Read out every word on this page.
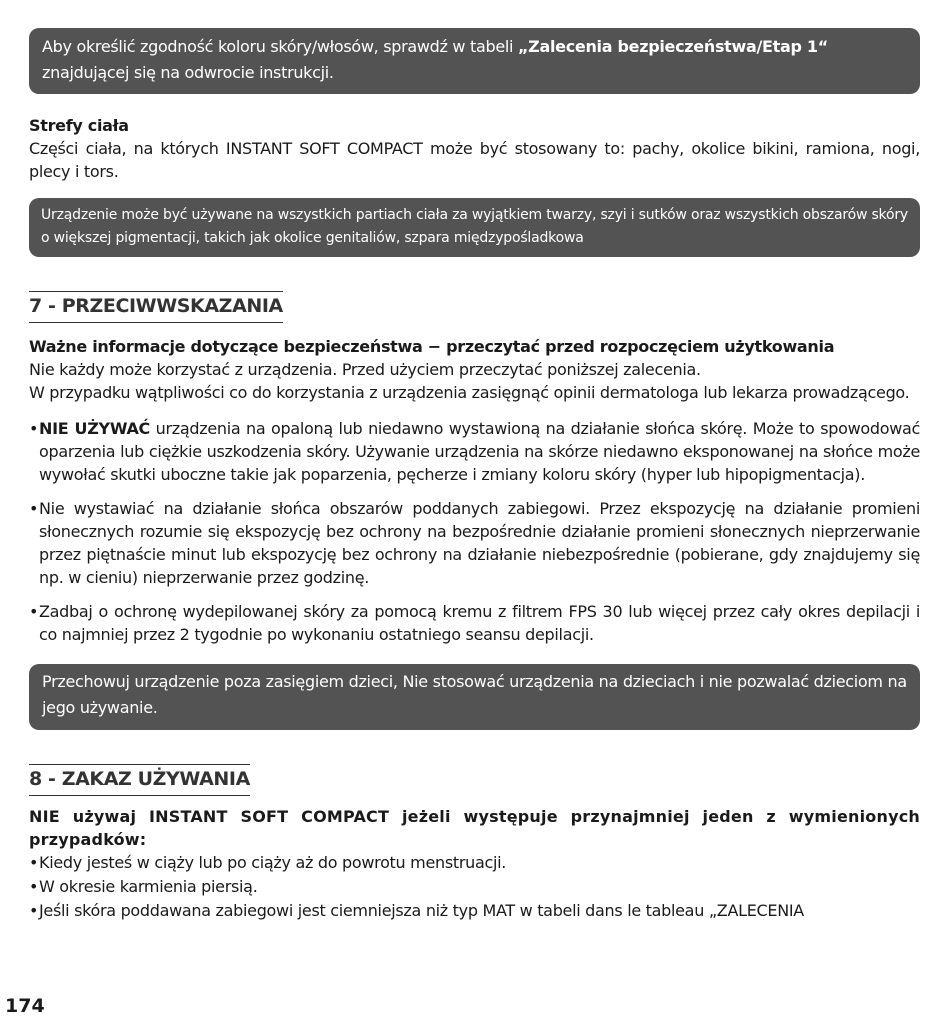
Aby określić zgodność koloru skóry/włosów, sprawdź w tabeli „Zalecenia bezpieczeństwa/Etap 1“ znajdującej się na odwrocie instrukcji.
Strefy ciała

Części ciała, na których INSTANT SOFT COMPACT może być stosowany to: pachy, okolice bikini, ramiona, nogi, plecy i tors.

Urządzenie może być używane na wszystkich partiach ciała za wyjątkiem twarzy, szyi i sutków oraz wszystkich obszarów skóry o większej pigmentacji, takich jak okolice genitaliów, szpara międzypośladkowa
7 - PRZECIWWSKAZANIA

Ważne informacje dotyczące bezpieczeństwa − przeczytać przed rozpoczęciem użytkowania

Nie każdy może korzystać z urządzenia. Przed użyciem przeczytać poniższej zalecenia.

W przypadku wątpliwości co do korzystania z urządzenia zasięgnąć opinii dermatologa lub lekarza prowadzącego.

• NIE UŻYWAĆ urządzenia na opaloną lub niedawno wystawioną na działanie słońca skórę. Może to spowodować oparzenia lub ciężkie uszkodzenia skóry. Używanie urządzenia na skórze niedawno eksponowanej na słońce może wywołać skutki uboczne takie jak poparzenia, pęcherze i zmiany koloru skóry (hyper lub hipopigmentacja).
• Nie wystawiać na działanie słońca obszarów poddanych zabiegowi. Przez ekspozycję na działanie promieni słonecznych rozumie się ekspozycję bez ochrony na bezpośrednie działanie promieni słonecznych nieprzerwanie przez piętnaście minut lub ekspozycję bez ochrony na działanie niebezpośrednie (pobierane, gdy znajdujemy się np. w cieniu) nieprzerwanie przez godzinę.
• Zadbaj o ochronę wydepilowanej skóry za pomocą kremu z filtrem FPS 30 lub więcej przez cały okres depilacji i co najmniej przez 2 tygodnie po wykonaniu ostatniego seansu depilacji.
Przechowuj urządzenie poza zasięgiem dzieci, Nie stosować urządzenia na dzieciach i nie pozwalać dzieciom na jego używanie.
8 - ZAKAZ UŻYWANIA

NIE używaj INSTANT SOFT COMPACT jeżeli występuje przynajmniej jeden z wymienionych przypadków:

• Kiedy jesteś w ciąży lub po ciąży aż do powrotu menstruacji.
• W okresie karmienia piersią.
• Jeśli skóra poddawana zabiegowi jest ciemniejsza niż typ MAT w tabeli dans le tableau „ZALECENIA
174
